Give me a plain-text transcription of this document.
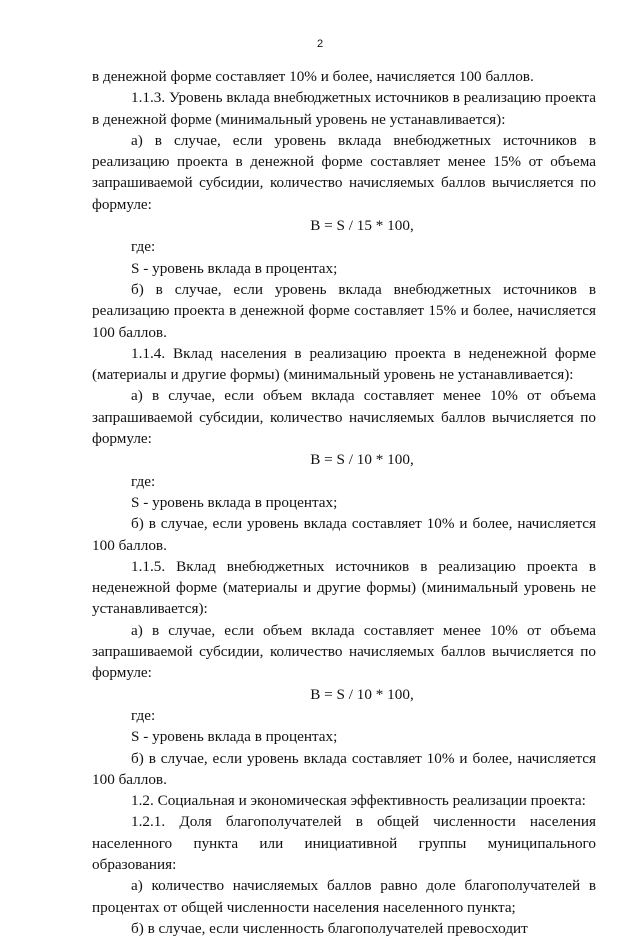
2

в денежной форме составляет 10% и более, начисляется 100 баллов.

1.1.3. Уровень вклада внебюджетных источников в реализацию проекта в денежной форме (минимальный уровень не устанавливается):

а) в случае, если уровень вклада внебюджетных источников в реализацию проекта в денежной форме составляет менее 15% от объема запрашиваемой субсидии, количество начисляемых баллов вычисляется по формуле:

B = S / 15 * 100,

где:

S - уровень вклада в процентах;

б) в случае, если уровень вклада внебюджетных источников в реализацию проекта в денежной форме составляет 15% и более, начисляется 100 баллов.

1.1.4. Вклад населения в реализацию проекта в неденежной форме (материалы и другие формы) (минимальный уровень не устанавливается):

а) в случае, если объем вклада составляет менее 10% от объема запрашиваемой субсидии, количество начисляемых баллов вычисляется по формуле:

B = S / 10 * 100,

где:

S - уровень вклада в процентах;

б) в случае, если уровень вклада составляет 10% и более, начисляется 100 баллов.

1.1.5. Вклад внебюджетных источников в реализацию проекта в неденежной форме (материалы и другие формы) (минимальный уровень не устанавливается):

а) в случае, если объем вклада составляет менее 10% от объема запрашиваемой субсидии, количество начисляемых баллов вычисляется по формуле:

B = S / 10 * 100,

где:

S - уровень вклада в процентах;

б) в случае, если уровень вклада составляет 10% и более, начисляется 100 баллов.

1.2. Социальная и экономическая эффективность реализации проекта:

1.2.1. Доля благополучателей в общей численности населения населенного пункта или инициативной группы муниципального образования:

а) количество начисляемых баллов равно доле благополучателей в процентах от общей численности населения населенного пункта;

б) в случае, если численность благополучателей превосходит
